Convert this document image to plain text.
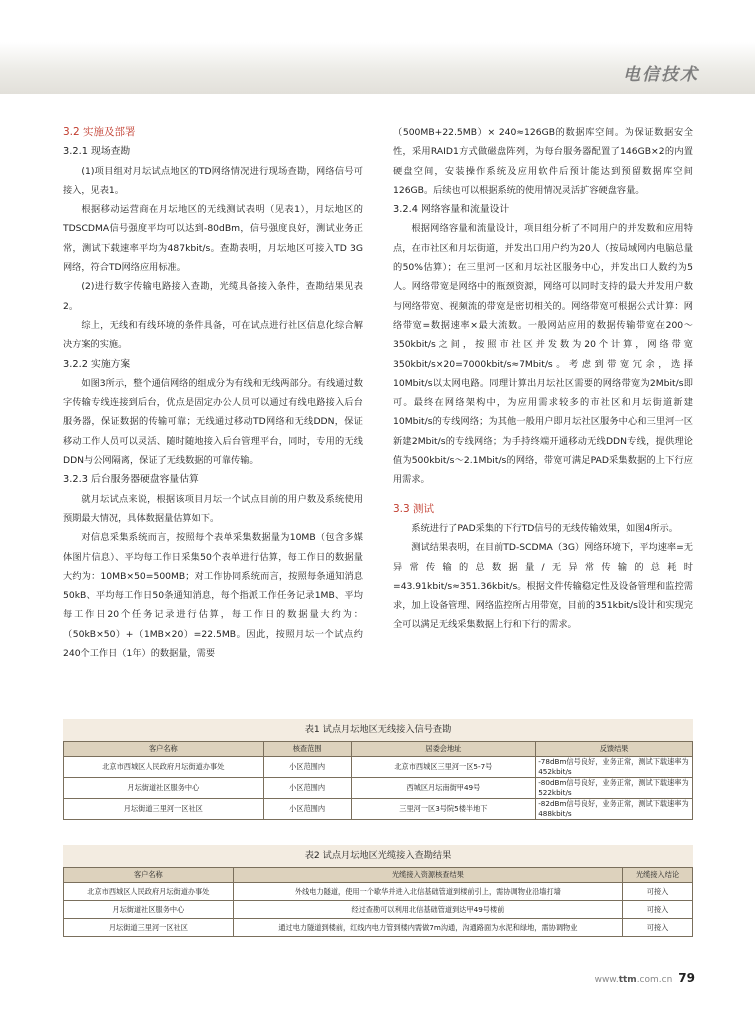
电信技术

3.2 实施及部署

3.2.1 现场查勘

(1)项目组对月坛试点地区的TD网络情况进行现场查勘，网络信号可接入，见表1。

根据移动运营商在月坛地区的无线测试表明（见表1），月坛地区的TDSCDMA信号强度平均可以达到-80dBm，信号强度良好，测试业务正常，测试下载速率平均为487kbit/s。查勘表明，月坛地区可接入TD 3G网络，符合TD网络应用标准。

(2)进行数字传输电路接入查勘，光缆具备接入条件，查勘结果见表2。

综上，无线和有线环境的条件具备，可在试点进行社区信息化综合解决方案的实施。

3.2.2 实施方案

如图3所示，整个通信网络的组成分为有线和无线两部分。有线通过数字传输专线连接到后台，优点是固定办公人员可以通过有线电路接入后台服务器，保证数据的传输可靠；无线通过移动TD网络和无线DDN，保证移动工作人员可以灵活、随时随地接入后台管理平台，同时，专用的无线DDN与公网隔离，保证了无线数据的可靠传输。

3.2.3 后台服务器硬盘容量估算

就月坛试点来说，根据该项目月坛一个试点目前的用户数及系统使用预期最大情况，具体数据量估算如下。

对信息采集系统而言，按照每个表单采集数据量为10MB（包含多媒体图片信息）、平均每工作日采集50个表单进行估算，每工作日的数据量大约为：10MB×50=500MB；对工作协同系统而言，按照每条通知消息50kB、平均每工作日50条通知消息，每个指派工作任务记录1MB、平均每工作日20个任务记录进行估算，每工作日的数据量大约为：（50kB×50）+（1MB×20）=22.5MB。因此，按照月坛一个试点约240个工作日（1年）的数据量，需要

（500MB+22.5MB）× 240≈126GB的数据库空间。为保证数据安全性，采用RAID1方式做磁盘阵列，为每台服务器配置了146GB×2的内置硬盘空间，安装操作系统及应用软件后预计能达到预留数据库空间126GB。后续也可以根据系统的使用情况灵活扩容硬盘容量。

3.2.4 网络容量和流量设计

根据网络容量和流量设计，项目组分析了不同用户的并发数和应用特点，在市社区和月坛街道，并发出口用户约为20人（按局域网内电脑总量的50%估算）；在三里河一区和月坛社区服务中心，并发出口人数约为5人。网络带宽是网络中的瓶颈资源，网络可以同时支持的最大并发用户数与网络带宽、视频流的带宽是密切相关的。网络带宽可根据公式计算：网络带宽=数据速率×最大流数。一般网站应用的数据传输带宽在200～350kbit/s之间，按照市社区并发数为20个计算，网络带宽350kbit/s×20=7000kbit/s≈7Mbit/s。考虑到带宽冗余，选择10Mbit/s以太网电路。同理计算出月坛社区需要的网络带宽为2Mbit/s即可。最终在网络架构中，为应用需求较多的市社区和月坛街道新建10Mbit/s的专线网络；为其他一般用户即月坛社区服务中心和三里河一区新建2Mbit/s的专线网络；为手持终端开通移动无线DDN专线，提供理论值为500kbit/s～2.1Mbit/s的网络，带宽可满足PAD采集数据的上下行应用需求。

3.3 测试

系统进行了PAD采集的下行TD信号的无线传输效果，如图4所示。

测试结果表明，在目前TD-SCDMA（3G）网络环境下，平均速率=无异常传输的总数据量/无异常传输的总耗时=43.91kbit/s≈351.36kbit/s。根据文件传输稳定性及设备管理和监控需求，加上设备管理、网络监控所占用带宽，目前的351kbit/s设计和实现完全可以满足无线采集数据上行和下行的需求。

表1 试点月坛地区无线接入信号查勘
客户名称	核查范围	居委会地址	反馈结果
北京市西城区人民政府月坛街道办事处	小区范围内	北京市西城区三里河一区5-7号	-78dBm信号良好，业务正常，测试下载速率为452kbit/s
月坛街道社区服务中心	小区范围内	西城区月坛南街甲49号	-80dBm信号良好，业务正常，测试下载速率为522kbit/s
月坛街道三里河一区社区	小区范围内	三里河一区3号院5楼半地下	-82dBm信号良好，业务正常，测试下载速率为488kbit/s
表2 试点月坛地区光缆接入查勘结果
客户名称	光缆接入资源核查结果	光缆接入结论
北京市西城区人民政府月坛街道办事处	外线电力隧道，使用一个歇华并进入北信基础管道到楼前引上，需协调物业沿墙打墙	可接入
月坛街道社区服务中心	经过查勘可以利用北信基础管道到达甲49号楼前	可接入
月坛街道三里河一区社区	通过电力隧道到楼前，红线内电力管到楼内需做7m沟通，沟通路面为水泥和绿地，需协调物业	可接入
www.ttm.com.cn 79
